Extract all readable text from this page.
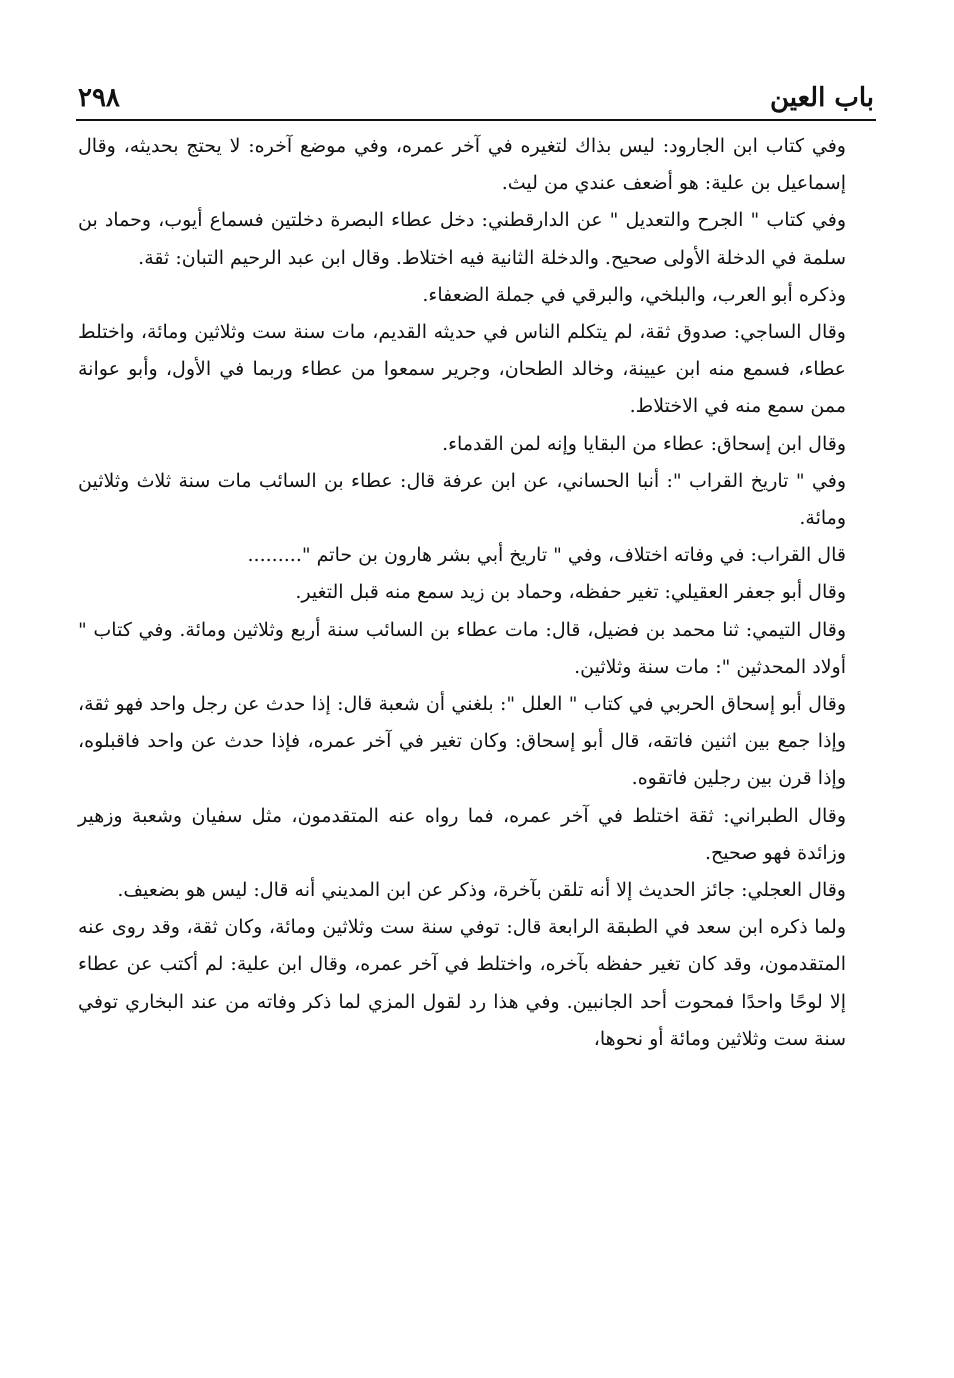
٢٩٨	باب العين

وفي كتاب ابن الجارود: ليس بذاك لتغيره في آخر عمره، وفي موضع آخره: لا يحتج بحديثه، وقال إسماعيل بن علية: هو أضعف عندي من ليث.

وفي كتاب " الجرح والتعديل " عن الدارقطني: دخل عطاء البصرة دخلتين فسماع أيوب، وحماد بن سلمة في الدخلة الأولى صحيح. والدخلة الثانية فيه اختلاط. وقال ابن عبد الرحيم التبان: ثقة.

وذكره أبو العرب، والبلخي، والبرقي في جملة الضعفاء.

وقال الساجي: صدوق ثقة، لم يتكلم الناس في حديثه القديم، مات سنة ست وثلاثين ومائة، واختلط عطاء، فسمع منه ابن عيينة، وخالد الطحان، وجرير سمعوا من عطاء وربما في الأول، وأبو عوانة ممن سمع منه في الاختلاط.

وقال ابن إسحاق: عطاء من البقايا وإنه لمن القدماء.

وفي " تاريخ القراب ": أنبا الحساني، عن ابن عرفة قال: عطاء بن السائب مات سنة ثلاث وثلاثين ومائة.

قال القراب: في وفاته اختلاف، وفي " تاريخ أبي بشر هارون بن حاتم ".........

وقال أبو جعفر العقيلي: تغير حفظه، وحماد بن زيد سمع منه قبل التغير.

وقال التيمي: ثنا محمد بن فضيل، قال: مات عطاء بن السائب سنة أربع وثلاثين ومائة. وفي كتاب " أولاد المحدثين ": مات سنة وثلاثين.

وقال أبو إسحاق الحربي في كتاب " العلل ": بلغني أن شعبة قال: إذا حدث عن رجل واحد فهو ثقة، وإذا جمع بين اثنين فاتقه، قال أبو إسحاق: وكان تغير في آخر عمره، فإذا حدث عن واحد فاقبلوه، وإذا قرن بين رجلين فاتقوه.

وقال الطبراني: ثقة اختلط في آخر عمره، فما رواه عنه المتقدمون، مثل سفيان وشعبة وزهير وزائدة فهو صحيح.

وقال العجلي: جائز الحديث إلا أنه تلقن بآخرة، وذكر عن ابن المديني أنه قال: ليس هو بضعيف.

ولما ذكره ابن سعد في الطبقة الرابعة قال: توفي سنة ست وثلاثين ومائة، وكان ثقة، وقد روى عنه المتقدمون، وقد كان تغير حفظه بآخره، واختلط في آخر عمره، وقال ابن علية: لم أكتب عن عطاء إلا لوحًا واحدًا فمحوت أحد الجانبين. وفي هذا رد لقول المزي لما ذكر وفاته من عند البخاري توفي سنة ست وثلاثين ومائة أو نحوها،
